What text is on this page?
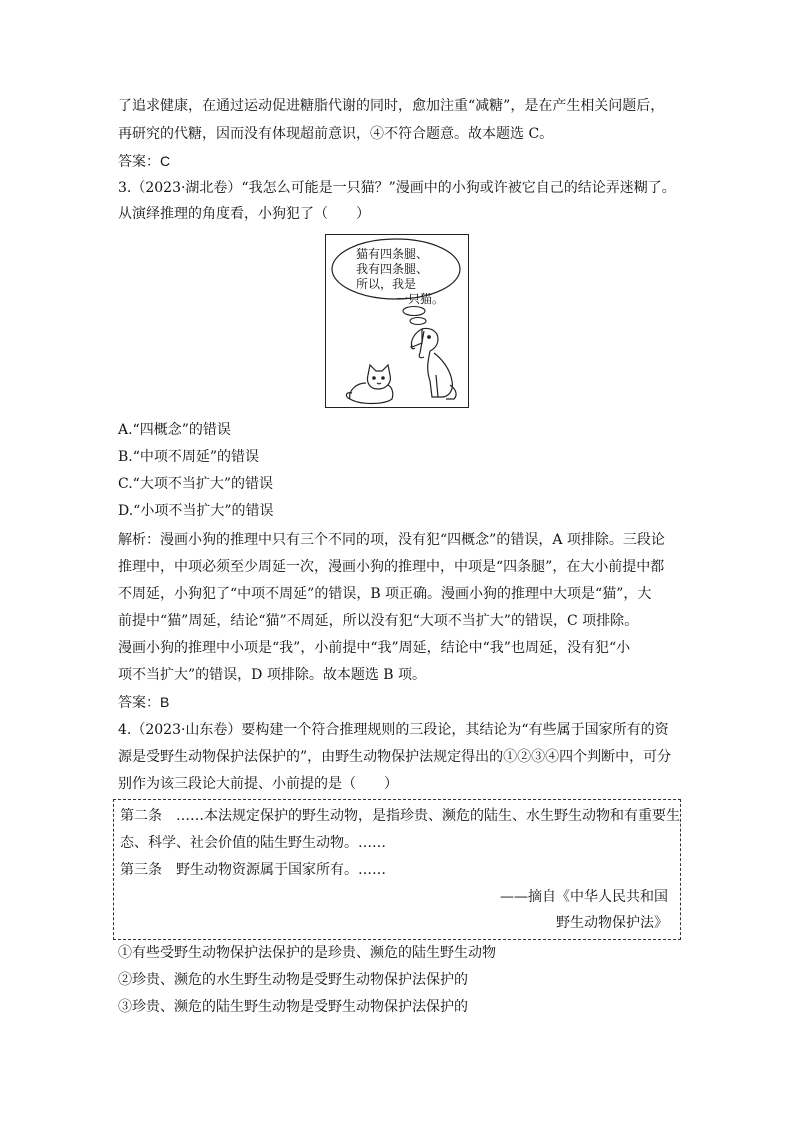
了追求健康，在通过运动促进糖脂代谢的同时，愈加注重“减糖”，是在产生相关问题后，
再研究的代糖，因而没有体现超前意识，④不符合题意。故本题选 C。
答案：C
3.（2023·湖北卷）“我怎么可能是一只猫？”漫画中的小狗或许被它自己的结论弄迷糊了。
从演绎推理的角度看，小狗犯了（　　）
猫有四条腿、
我有四条腿、
所以，我是
一只猫。
A.“四概念”的错误
B.“中项不周延”的错误
C.“大项不当扩大”的错误
D.“小项不当扩大”的错误
解析：漫画小狗的推理中只有三个不同的项，没有犯“四概念”的错误，A 项排除。三段论
推理中，中项必须至少周延一次，漫画小狗的推理中，中项是“四条腿”，在大小前提中都
不周延，小狗犯了“中项不周延”的错误，B 项正确。漫画小狗的推理中大项是“猫”，大
前提中“猫”周延，结论“猫”不周延，所以没有犯“大项不当扩大”的错误，C 项排除。
漫画小狗的推理中小项是“我”，小前提中“我”周延，结论中“我”也周延，没有犯“小
项不当扩大”的错误，D 项排除。故本题选 B 项。
答案：B
4.（2023·山东卷）要构建一个符合推理规则的三段论，其结论为“有些属于国家所有的资
源是受野生动物保护法保护的”，由野生动物保护法规定得出的①②③④四个判断中，可分
别作为该三段论大前提、小前提的是（　　）
第二条　……本法规定保护的野生动物，是指珍贵、濒危的陆生、水生野生动物和有重要生
态、科学、社会价值的陆生野生动物。……
第三条　野生动物资源属于国家所有。……
——摘自《中华人民共和国
野生动物保护法》
①有些受野生动物保护法保护的是珍贵、濒危的陆生野生动物
②珍贵、濒危的水生野生动物是受野生动物保护法保护的
③珍贵、濒危的陆生野生动物是受野生动物保护法保护的
